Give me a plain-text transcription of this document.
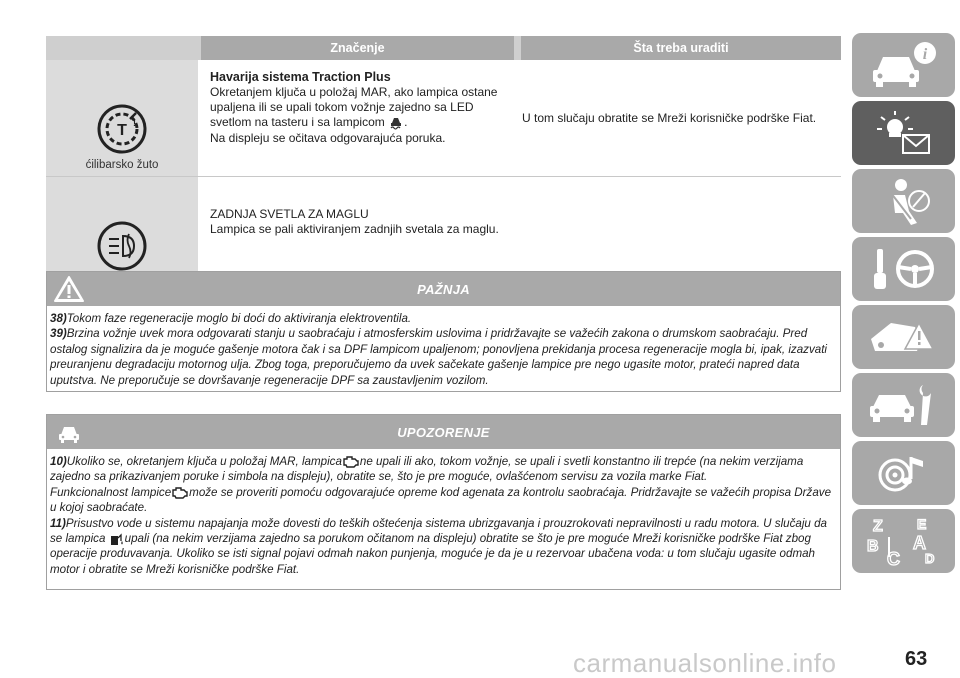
Značenje	Šta treba uraditi
T !
ćilibarsko žuto
Havarija sistema Traction Plus
Okretanjem ključa u položaj MAR, ako lampica ostane upaljena ili se upali tokom vožnje zajedno sa LED svetlom na tasteru i sa lampicom .
Na displeju se očitava odgovarajuća poruka.
U tom slučaju obratite se Mreži korisničke podrške Fiat.
ZADNJA SVETLA ZA MAGLU
Lampica se pali aktiviranjem zadnjih svetala za maglu.
PAŽNJA

38)Tokom faze regeneracije moglo bi doći do aktiviranja elektroventila.

39)Brzina vožnje uvek mora odgovarati stanju u saobraćaju i atmosferskim uslovima i pridržavajte se važećih zakona o drumskom saobraćaju. Pred ostalog signalizira da je moguće gašenje motora čak i sa DPF lampicom upaljenom; ponovljena prekidanja procesa regeneracije mogla bi, ipak, izazvati preuranjenu degradaciju motornog ulja. Zbog toga, preporučujemo da uvek sačekate gašenje lampice pre nego ugasite motor, prateći napred data uputstva. Ne preporučuje se dovršavanje regeneracije DPF sa zaustavljenim vozilom.

UPOZORENJE

10)Ukoliko se, okretanjem ključa u položaj MAR, lampica ne upali ili ako, tokom vožnje, se upali i svetli konstantno ili trepće (na nekim verzijama zajedno sa prikazivanjem poruke i simbola na displeju), obratite se, što je pre moguće, ovlašćenom servisu za vozila marke Fiat.

Funkcionalnost lampice može se proveriti pomoću odgovarajuće opreme kod agenata za kontrolu saobraćaja. Pridržavajte se važećih propisa Države u kojoj saobraćate.

11)Prisustvo vode u sistemu napajanja može dovesti do teških oštećenja sistema ubrizgavanja i prouzrokovati nepravilnosti u radu motora. U slučaju da se lampica upali (na nekim verzijama zajedno sa porukom očitanom na displeju) obratite se što je pre moguće Mreži korisničke podrške Fiat zbog operacije produvavanja. Ukoliko se isti signal pojavi odmah nakon punjenja, moguće je da je u rezervoar ubačena voda: u tom slučaju ugasite odmah motor i obratite se Mreži korisničke podrške Fiat.

i
Z E
B A
C D
carmanualsonline.info	63
